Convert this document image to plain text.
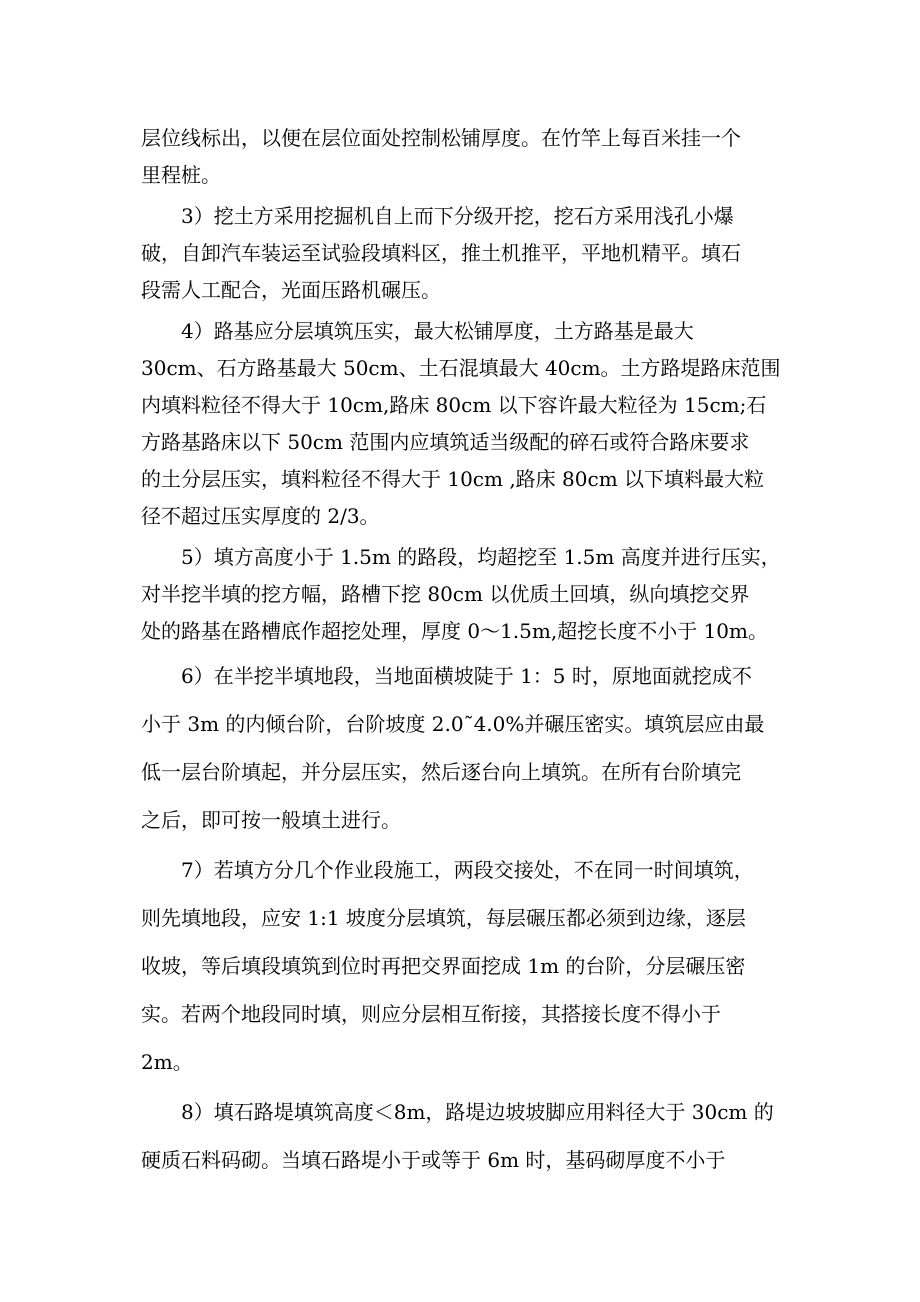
层位线标出，以便在层位面处控制松铺厚度。在竹竿上每百米挂一个
里程桩。
3）挖土方采用挖掘机自上而下分级开挖，挖石方采用浅孔小爆
破，自卸汽车装运至试验段填料区，推土机推平，平地机精平。填石
段需人工配合，光面压路机碾压。
4）路基应分层填筑压实，最大松铺厚度，土方路基是最大
30cm、石方路基最大 50cm、土石混填最大 40cm。土方路堤路床范围
内填料粒径不得大于 10cm,路床 80cm 以下容许最大粒径为 15cm;石
方路基路床以下 50cm 范围内应填筑适当级配的碎石或符合路床要求
的土分层压实，填料粒径不得大于 10cm ,路床 80cm 以下填料最大粒
径不超过压实厚度的 2/3。
5）填方高度小于 1.5m 的路段，均超挖至 1.5m 高度并进行压实，
对半挖半填的挖方幅，路槽下挖 80cm 以优质土回填，纵向填挖交界
处的路基在路槽底作超挖处理，厚度 0～1.5m,超挖长度不小于 10m。
6）在半挖半填地段，当地面横坡陡于 1：5 时，原地面就挖成不
小于 3m 的内倾台阶，台阶坡度 2.0˜4.0%并碾压密实。填筑层应由最
低一层台阶填起，并分层压实，然后逐台向上填筑。在所有台阶填完
之后，即可按一般填土进行。
7）若填方分几个作业段施工，两段交接处，不在同一时间填筑，
则先填地段，应安 1:1 坡度分层填筑，每层碾压都必须到边缘，逐层
收坡，等后填段填筑到位时再把交界面挖成 1m 的台阶，分层碾压密
实。若两个地段同时填，则应分层相互衔接，其搭接长度不得小于
2m。
8）填石路堤填筑高度＜8m，路堤边坡坡脚应用料径大于 30cm 的
硬质石料码砌。当填石路堤小于或等于 6m 时，基码砌厚度不小于
